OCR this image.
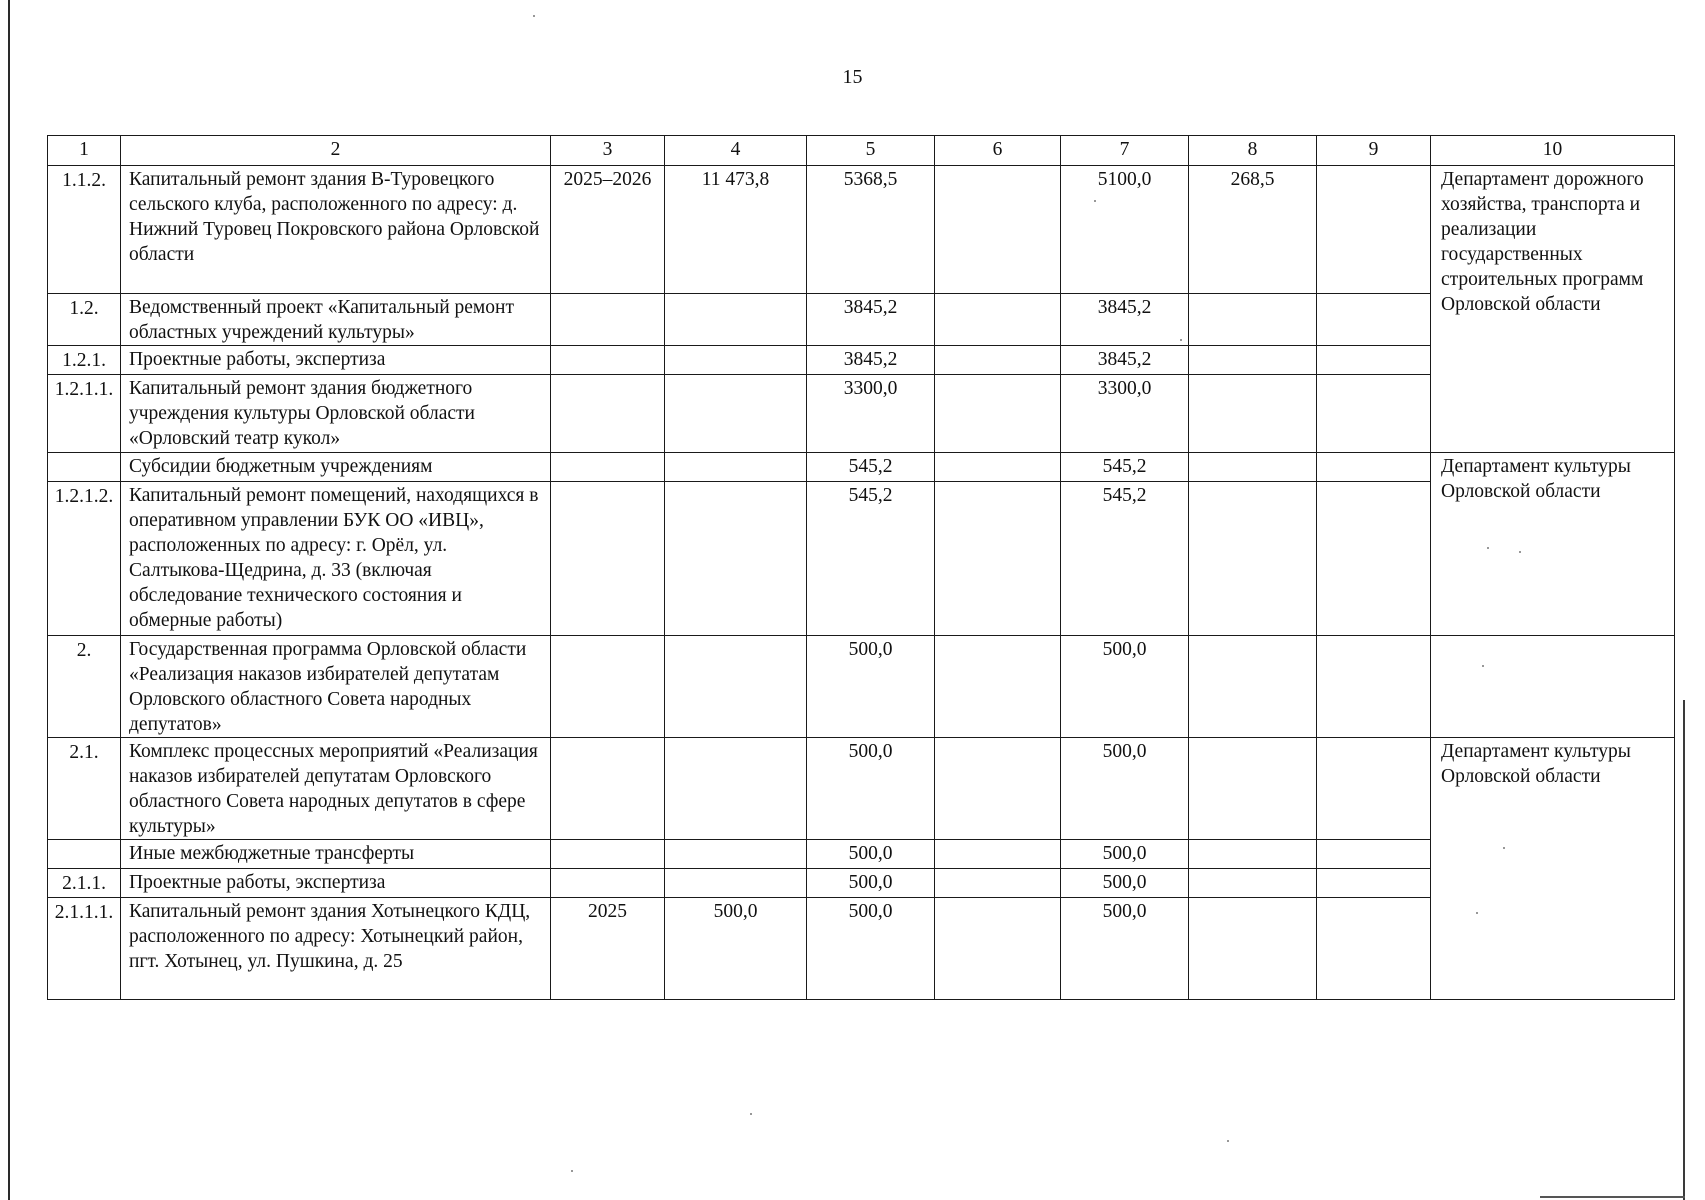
15
1	2	3	4	5	6	7	8	9	10
1.1.2.	Капитальный ремонт здания В-Туровецкого сельского клуба, расположенного по адресу: д. Нижний Туровец Покровского района Орловской области	2025–2026	11 473,8	5368,5		5100,0	268,5		Департамент дорожного хозяйства, транспорта и реализации государственных строительных программ Орловской области
1.2.	Ведомственный проект «Капитальный ремонт областных учреждений культуры»			3845,2		3845,2			
1.2.1.	Проектные работы, экспертиза			3845,2		3845,2			
1.2.1.1.	Капитальный ремонт здания бюджетного учреждения культуры Орловской области «Орловский театр кукол»			3300,0		3300,0			
	Субсидии бюджетным учреждениям			545,2		545,2			Департамент культуры Орловской области
1.2.1.2.	Капитальный ремонт помещений, находящихся в оперативном управлении БУК ОО «ИВЦ», расположенных по адресу: г. Орёл, ул. Салтыкова-Щедрина, д. 33 (включая обследование технического состояния и обмерные работы)			545,2		545,2			
2.	Государственная программа Орловской области «Реализация наказов избирателей депутатам Орловского областного Совета народных депутатов»			500,0		500,0			
2.1.	Комплекс процессных мероприятий «Реализация наказов избирателей депутатам Орловского областного Совета народных депутатов в сфере культуры»			500,0		500,0			Департамент культуры Орловской области
	Иные межбюджетные трансферты			500,0		500,0			
2.1.1.	Проектные работы, экспертиза			500,0		500,0			
2.1.1.1.	Капитальный ремонт здания Хотынецкого КДЦ, расположенного по адресу: Хотынецкий район, пгт. Хотынец, ул. Пушкина, д. 25	2025	500,0	500,0		500,0			
